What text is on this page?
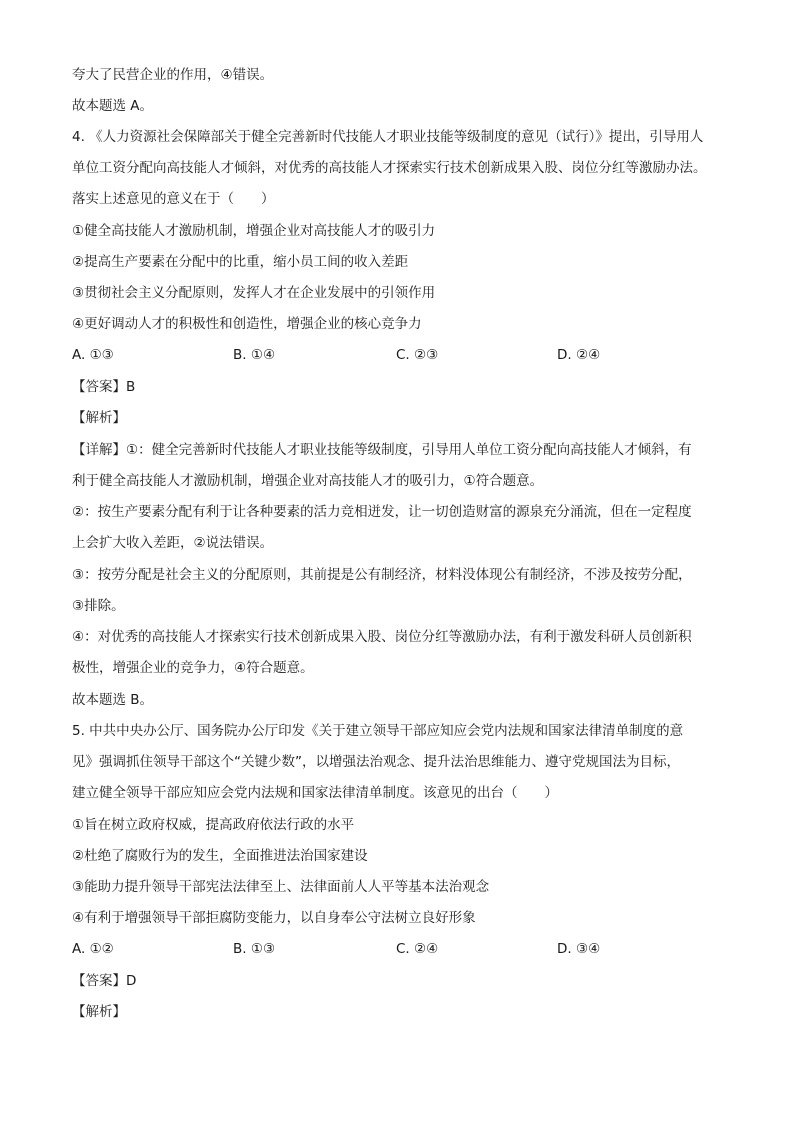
夸大了民营企业的作用，④错误。
故本题选 A。
4. 《人力资源社会保障部关于健全完善新时代技能人才职业技能等级制度的意见（试行）》提出，引导用人
单位工资分配向高技能人才倾斜，对优秀的高技能人才探索实行技术创新成果入股、岗位分红等激励办法。
落实上述意见的意义在于（　　）
①健全高技能人才激励机制，增强企业对高技能人才的吸引力
②提高生产要素在分配中的比重，缩小员工间的收入差距
③贯彻社会主义分配原则，发挥人才在企业发展中的引领作用
④更好调动人才的积极性和创造性，增强企业的核心竞争力
A. ①③	B. ①④	C. ②③	D. ②④
【答案】B
【解析】
【详解】①：健全完善新时代技能人才职业技能等级制度，引导用人单位工资分配向高技能人才倾斜，有
利于健全高技能人才激励机制，增强企业对高技能人才的吸引力，①符合题意。
②：按生产要素分配有利于让各种要素的活力竞相迸发，让一切创造财富的源泉充分涌流，但在一定程度
上会扩大收入差距，②说法错误。
③：按劳分配是社会主义的分配原则，其前提是公有制经济，材料没体现公有制经济，不涉及按劳分配，
③排除。
④：对优秀的高技能人才探索实行技术创新成果入股、岗位分红等激励办法，有利于激发科研人员创新积
极性，增强企业的竞争力，④符合题意。
故本题选 B。
5. 中共中央办公厅、国务院办公厅印发《关于建立领导干部应知应会党内法规和国家法律清单制度的意
见》强调抓住领导干部这个“关键少数”，以增强法治观念、提升法治思维能力、遵守党规国法为目标，
建立健全领导干部应知应会党内法规和国家法律清单制度。该意见的出台（　　）
①旨在树立政府权威，提高政府依法行政的水平
②杜绝了腐败行为的发生，全面推进法治国家建设
③能助力提升领导干部宪法法律至上、法律面前人人平等基本法治观念
④有利于增强领导干部拒腐防变能力，以自身奉公守法树立良好形象
A. ①②	B. ①③	C. ②④	D. ③④
【答案】D
【解析】
